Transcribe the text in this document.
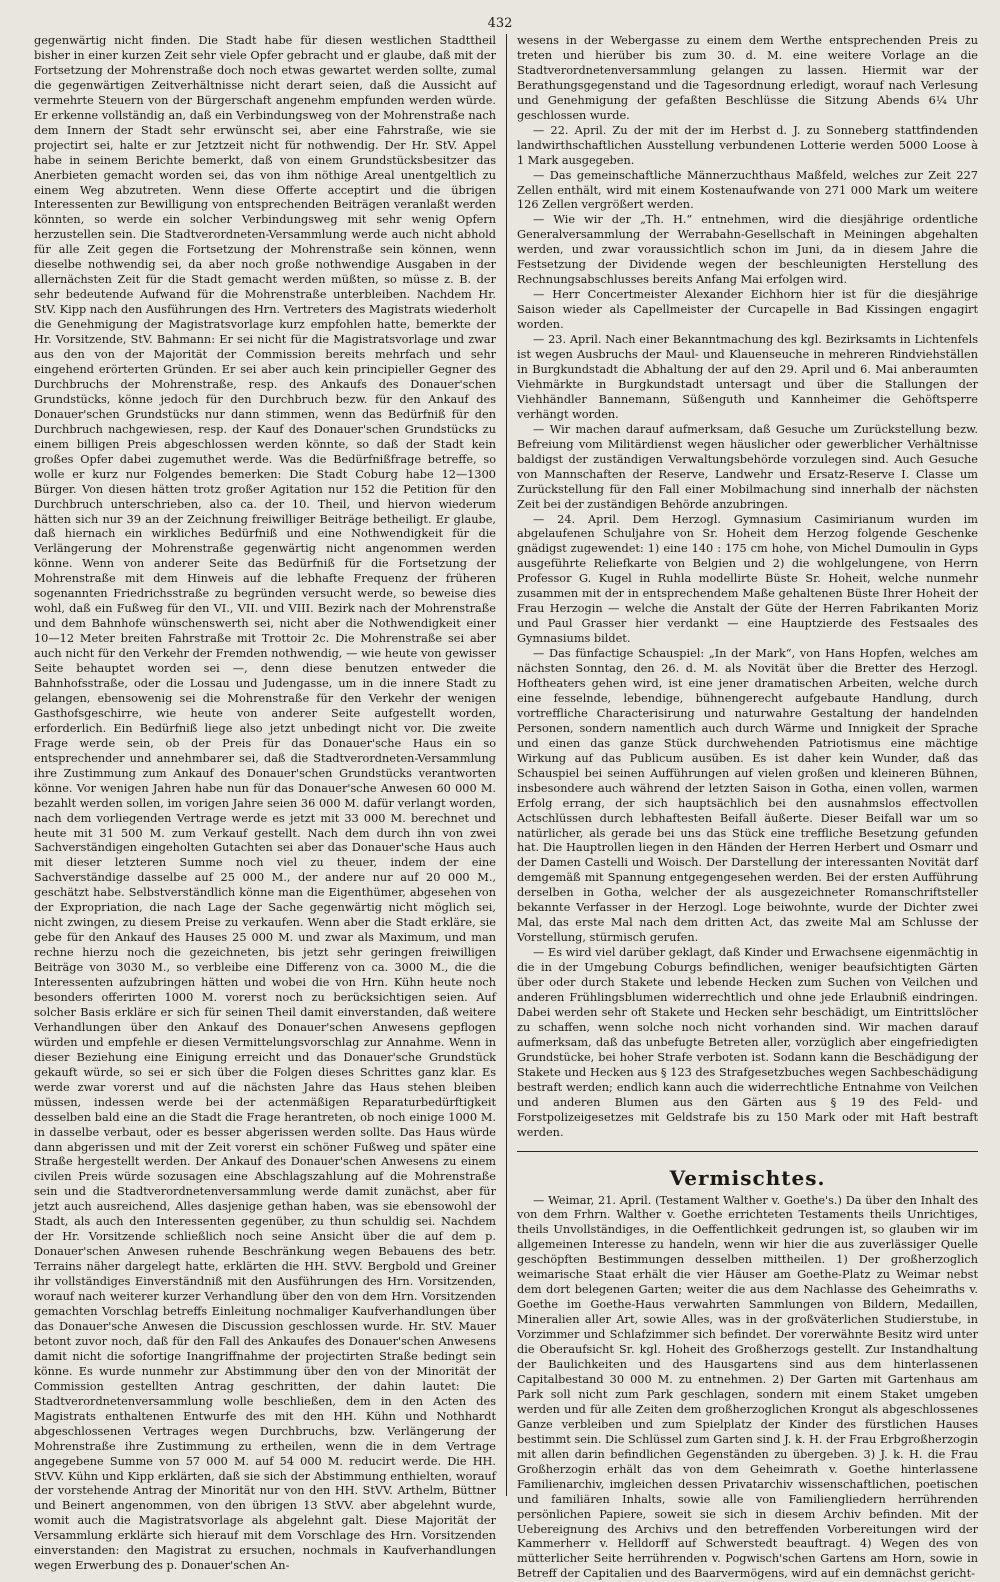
432

gegenwärtig nicht finden. Die Stadt habe für diesen westlichen Stadttheil bisher in einer kurzen Zeit sehr viele Opfer gebracht und er glaube, daß mit der Fortsetzung der Mohrenstraße doch noch etwas gewartet werden sollte, zumal die gegenwärtigen Zeitverhältnisse nicht derart seien, daß die Aussicht auf vermehrte Steuern von der Bürgerschaft angenehm empfunden werden würde. Er erkenne vollständig an, daß ein Verbindungsweg von der Mohrenstraße nach dem Innern der Stadt sehr erwünscht sei, aber eine Fahrstraße, wie sie projectirt sei, halte er zur Jetztzeit nicht für nothwendig. Der Hr. StV. Appel habe in seinem Berichte bemerkt, daß von einem Grundstücksbesitzer das Anerbieten gemacht worden sei, das von ihm nöthige Areal unentgeltlich zu einem Weg abzutreten. Wenn diese Offerte acceptirt und die übrigen Interessenten zur Bewilligung von entsprechenden Beiträgen veranlaßt werden könnten, so werde ein solcher Verbindungsweg mit sehr wenig Opfern herzustellen sein. Die Stadtverordneten-Versammlung werde auch nicht abhold für alle Zeit gegen die Fortsetzung der Mohrenstraße sein können, wenn dieselbe nothwendig sei, da aber noch große nothwendige Ausgaben in der allernächsten Zeit für die Stadt gemacht werden müßten, so müsse z. B. der sehr bedeutende Aufwand für die Mohrenstraße unterbleiben. Nachdem Hr. StV. Kipp nach den Ausführungen des Hrn. Vertreters des Magistrats wiederholt die Genehmigung der Magistratsvorlage kurz empfohlen hatte, bemerkte der Hr. Vorsitzende, StV. Bahmann: Er sei nicht für die Magistratsvorlage und zwar aus den von der Majorität der Commission bereits mehrfach und sehr eingehend erörterten Gründen. Er sei aber auch kein principieller Gegner des Durchbruchs der Mohrenstraße, resp. des Ankaufs des Donauer'schen Grundstücks, könne jedoch für den Durchbruch bezw. für den Ankauf des Donauer'schen Grundstücks nur dann stimmen, wenn das Bedürfniß für den Durchbruch nachgewiesen, resp. der Kauf des Donauer'schen Grundstücks zu einem billigen Preis abgeschlossen werden könnte, so daß der Stadt kein großes Opfer dabei zugemuthet werde. Was die Bedürfnißfrage betreffe, so wolle er kurz nur Folgendes bemerken: Die Stadt Coburg habe 12—1300 Bürger. Von diesen hätten trotz großer Agitation nur 152 die Petition für den Durchbruch unterschrieben, also ca. der 10. Theil, und hiervon wiederum hätten sich nur 39 an der Zeichnung freiwilliger Beiträge betheiligt. Er glaube, daß hiernach ein wirkliches Bedürfniß und eine Nothwendigkeit für die Verlängerung der Mohrenstraße gegenwärtig nicht angenommen werden könne. Wenn von anderer Seite das Bedürfniß für die Fortsetzung der Mohrenstraße mit dem Hinweis auf die lebhafte Frequenz der früheren sogenannten Friedrichsstraße zu begründen versucht werde, so beweise dies wohl, daß ein Fußweg für den VI., VII. und VIII. Bezirk nach der Mohrenstraße und dem Bahnhofe wünschenswerth sei, nicht aber die Nothwendigkeit einer 10—12 Meter breiten Fahrstraße mit Trottoir 2c. Die Mohrenstraße sei aber auch nicht für den Verkehr der Fremden nothwendig, — wie heute von gewisser Seite behauptet worden sei —, denn diese benutzen entweder die Bahnhofsstraße, oder die Lossau und Judengasse, um in die innere Stadt zu gelangen, ebensowenig sei die Mohrenstraße für den Verkehr der wenigen Gasthofsgeschirre, wie heute von anderer Seite aufgestellt worden, erforderlich. Ein Bedürfniß liege also jetzt unbedingt nicht vor. Die zweite Frage werde sein, ob der Preis für das Donauer'sche Haus ein so entsprechender und annehmbarer sei, daß die Stadtverordneten-Versammlung ihre Zustimmung zum Ankauf des Donauer'schen Grundstücks verantworten könne. Vor wenigen Jahren habe nun für das Donauer'sche Anwesen 60 000 M. bezahlt werden sollen, im vorigen Jahre seien 36 000 M. dafür verlangt worden, nach dem vorliegenden Vertrage werde es jetzt mit 33 000 M. berechnet und heute mit 31 500 M. zum Verkauf gestellt. Nach dem durch ihn von zwei Sachverständigen eingeholten Gutachten sei aber das Donauer'sche Haus auch mit dieser letzteren Summe noch viel zu theuer, indem der eine Sachverständige dasselbe auf 25 000 M., der andere nur auf 20 000 M., geschätzt habe. Selbstverständlich könne man die Eigenthümer, abgesehen von der Expropriation, die nach Lage der Sache gegenwärtig nicht möglich sei, nicht zwingen, zu diesem Preise zu verkaufen. Wenn aber die Stadt erkläre, sie gebe für den Ankauf des Hauses 25 000 M. und zwar als Maximum, und man rechne hierzu noch die gezeichneten, bis jetzt sehr geringen freiwilligen Beiträge von 3030 M., so verbleibe eine Differenz von ca. 3000 M., die die Interessenten aufzubringen hätten und wobei die von Hrn. Kühn heute noch besonders offerirten 1000 M. vorerst noch zu berücksichtigen seien. Auf solcher Basis erkläre er sich für seinen Theil damit einverstanden, daß weitere Verhandlungen über den Ankauf des Donauer'schen Anwesens gepflogen würden und empfehle er diesen Vermittelungsvorschlag zur Annahme. Wenn in dieser Beziehung eine Einigung erreicht und das Donauer'sche Grundstück gekauft würde, so sei er sich über die Folgen dieses Schrittes ganz klar. Es werde zwar vorerst und auf die nächsten Jahre das Haus stehen bleiben müssen, indessen werde bei der actenmäßigen Reparaturbedürftigkeit desselben bald eine an die Stadt die Frage herantreten, ob noch einige 1000 M. in dasselbe verbaut, oder es besser abgerissen werden sollte. Das Haus würde dann abgerissen und mit der Zeit vorerst ein schöner Fußweg und später eine Straße hergestellt werden. Der Ankauf des Donauer'schen Anwesens zu einem civilen Preis würde sozusagen eine Abschlagszahlung auf die Mohrenstraße sein und die Stadtverordnetenversammlung werde damit zunächst, aber für jetzt auch ausreichend, Alles dasjenige gethan haben, was sie ebensowohl der Stadt, als auch den Interessenten gegenüber, zu thun schuldig sei. Nachdem der Hr. Vorsitzende schließlich noch seine Ansicht über die auf dem p. Donauer'schen Anwesen ruhende Beschränkung wegen Bebauens des betr. Terrains näher dargelegt hatte, erklärten die HH. StVV. Bergbold und Greiner ihr vollständiges Einverständniß mit den Ausführungen des Hrn. Vorsitzenden, worauf nach weiterer kurzer Verhandlung über den von dem Hrn. Vorsitzenden gemachten Vorschlag betreffs Einleitung nochmaliger Kaufverhandlungen über das Donauer'sche Anwesen die Discussion geschlossen wurde. Hr. StV. Mauer betont zuvor noch, daß für den Fall des Ankaufes des Donauer'schen Anwesens damit nicht die sofortige Inangriffnahme der projectirten Straße bedingt sein könne. Es wurde nunmehr zur Abstimmung über den von der Minorität der Commission gestellten Antrag geschritten, der dahin lautet: Die Stadtverordnetenversammlung wolle beschließen, dem in den Acten des Magistrats enthaltenen Entwurfe des mit den HH. Kühn und Nothhardt abgeschlossenen Vertrages wegen Durchbruchs, bzw. Verlängerung der Mohrenstraße ihre Zustimmung zu ertheilen, wenn die in dem Vertrage angegebene Summe von 57 000 M. auf 54 000 M. reducirt werde. Die HH. StVV. Kühn und Kipp erklärten, daß sie sich der Abstimmung enthielten, worauf der vorstehende Antrag der Minorität nur von den HH. StVV. Arthelm, Büttner und Beinert angenommen, von den übrigen 13 StVV. aber abgelehnt wurde, womit auch die Magistratsvorlage als abgelehnt galt. Diese Majorität der Versammlung erklärte sich hierauf mit dem Vorschlage des Hrn. Vorsitzenden einverstanden: den Magistrat zu ersuchen, nochmals in Kaufverhandlungen wegen Erwerbung des p. Donauer'schen An-

wesens in der Webergasse zu einem dem Werthe entsprechenden Preis zu treten und hierüber bis zum 30. d. M. eine weitere Vorlage an die Stadtverordnetenversammlung gelangen zu lassen. Hiermit war der Berathungsgegenstand und die Tagesordnung erledigt, worauf nach Verlesung und Genehmigung der gefaßten Beschlüsse die Sitzung Abends 6¼ Uhr geschlossen wurde.

— 22. April. Zu der mit der im Herbst d. J. zu Sonneberg stattfindenden landwirthschaftlichen Ausstellung verbundenen Lotterie werden 5000 Loose à 1 Mark ausgegeben.

— Das gemeinschaftliche Männerzuchthaus Maßfeld, welches zur Zeit 227 Zellen enthält, wird mit einem Kostenaufwande von 271 000 Mark um weitere 126 Zellen vergrößert werden.

— Wie wir der „Th. H.“ entnehmen, wird die diesjährige ordentliche Generalversammlung der Werrabahn-Gesellschaft in Meiningen abgehalten werden, und zwar voraussichtlich schon im Juni, da in diesem Jahre die Festsetzung der Dividende wegen der beschleunigten Herstellung des Rechnungsabschlusses bereits Anfang Mai erfolgen wird.

— Herr Concertmeister Alexander Eichhorn hier ist für die diesjährige Saison wieder als Capellmeister der Curcapelle in Bad Kissingen engagirt worden.

— 23. April. Nach einer Bekanntmachung des kgl. Bezirksamts in Lichtenfels ist wegen Ausbruchs der Maul- und Klauenseuche in mehreren Rindviehställen in Burgkundstadt die Abhaltung der auf den 29. April und 6. Mai anberaumten Viehmärkte in Burgkundstadt untersagt und über die Stallungen der Viehhändler Bannemann, Süßenguth und Kannheimer die Gehöftsperre verhängt worden.

— Wir machen darauf aufmerksam, daß Gesuche um Zurückstellung bezw. Befreiung vom Militärdienst wegen häuslicher oder gewerblicher Verhältnisse baldigst der zuständigen Verwaltungsbehörde vorzulegen sind. Auch Gesuche von Mannschaften der Reserve, Landwehr und Ersatz-Reserve I. Classe um Zurückstellung für den Fall einer Mobilmachung sind innerhalb der nächsten Zeit bei der zuständigen Behörde anzubringen.

— 24. April. Dem Herzogl. Gymnasium Casimirianum wurden im abgelaufenen Schuljahre von Sr. Hoheit dem Herzog folgende Geschenke gnädigst zugewendet: 1) eine 140 : 175 cm hohe, von Michel Dumoulin in Gyps ausgeführte Reliefkarte von Belgien und 2) die wohlgelungene, von Herrn Professor G. Kugel in Ruhla modellirte Büste Sr. Hoheit, welche nunmehr zusammen mit der in entsprechendem Maße gehaltenen Büste Ihrer Hoheit der Frau Herzogin — welche die Anstalt der Güte der Herren Fabrikanten Moriz und Paul Grasser hier verdankt — eine Hauptzierde des Festsaales des Gymnasiums bildet.

— Das fünfactige Schauspiel: „In der Mark“, von Hans Hopfen, welches am nächsten Sonntag, den 26. d. M. als Novität über die Bretter des Herzogl. Hoftheaters gehen wird, ist eine jener dramatischen Arbeiten, welche durch eine fesselnde, lebendige, bühnengerecht aufgebaute Handlung, durch vortreffliche Characterisirung und naturwahre Gestaltung der handelnden Personen, sondern namentlich auch durch Wärme und Innigkeit der Sprache und einen das ganze Stück durchwehenden Patriotismus eine mächtige Wirkung auf das Publicum ausüben. Es ist daher kein Wunder, daß das Schauspiel bei seinen Aufführungen auf vielen großen und kleineren Bühnen, insbesondere auch während der letzten Saison in Gotha, einen vollen, warmen Erfolg errang, der sich hauptsächlich bei den ausnahmslos effectvollen Actschlüssen durch lebhaftesten Beifall äußerte. Dieser Beifall war um so natürlicher, als gerade bei uns das Stück eine treffliche Besetzung gefunden hat. Die Hauptrollen liegen in den Händen der Herren Herbert und Osmarr und der Damen Castelli und Woisch. Der Darstellung der interessanten Novität darf demgemäß mit Spannung entgegengesehen werden. Bei der ersten Aufführung derselben in Gotha, welcher der als ausgezeichneter Romanschriftsteller bekannte Verfasser in der Herzogl. Loge beiwohnte, wurde der Dichter zwei Mal, das erste Mal nach dem dritten Act, das zweite Mal am Schlusse der Vorstellung, stürmisch gerufen.

— Es wird viel darüber geklagt, daß Kinder und Erwachsene eigenmächtig in die in der Umgebung Coburgs befindlichen, weniger beaufsichtigten Gärten über oder durch Stakete und lebende Hecken zum Suchen von Veilchen und anderen Frühlingsblumen widerrechtlich und ohne jede Erlaubniß eindringen. Dabei werden sehr oft Stakete und Hecken sehr beschädigt, um Eintrittslöcher zu schaffen, wenn solche noch nicht vorhanden sind. Wir machen darauf aufmerksam, daß das unbefugte Betreten aller, vorzüglich aber eingefriedigten Grundstücke, bei hoher Strafe verboten ist. Sodann kann die Beschädigung der Stakete und Hecken aus § 123 des Strafgesetzbuches wegen Sachbeschädigung bestraft werden; endlich kann auch die widerrechtliche Entnahme von Veilchen und anderen Blumen aus den Gärten aus § 19 des Feld- und Forstpolizeigesetzes mit Geldstrafe bis zu 150 Mark oder mit Haft bestraft werden.

Vermischtes.

— Weimar, 21. April. (Testament Walther v. Goethe's.) Da über den Inhalt des von dem Frhrn. Walther v. Goethe errichteten Testaments theils Unrichtiges, theils Unvollständiges, in die Oeffentlichkeit gedrungen ist, so glauben wir im allgemeinen Interesse zu handeln, wenn wir hier die aus zuverlässiger Quelle geschöpften Bestimmungen desselben mittheilen. 1) Der großherzoglich weimarische Staat erhält die vier Häuser am Goethe-Platz zu Weimar nebst dem dort belegenen Garten; weiter die aus dem Nachlasse des Geheimraths v. Goethe im Goethe-Haus verwahrten Sammlungen von Bildern, Medaillen, Mineralien aller Art, sowie Alles, was in der großväterlichen Studierstube, in Vorzimmer und Schlafzimmer sich befindet. Der vorerwähnte Besitz wird unter die Oberaufsicht Sr. kgl. Hoheit des Großherzogs gestellt. Zur Instandhaltung der Baulichkeiten und des Hausgartens sind aus dem hinterlassenen Capitalbestand 30 000 M. zu entnehmen. 2) Der Garten mit Gartenhaus am Park soll nicht zum Park geschlagen, sondern mit einem Staket umgeben werden und für alle Zeiten dem großherzoglichen Krongut als abgeschlossenes Ganze verbleiben und zum Spielplatz der Kinder des fürstlichen Hauses bestimmt sein. Die Schlüssel zum Garten sind J. k. H. der Frau Erbgroßherzogin mit allen darin befindlichen Gegenständen zu übergeben. 3) J. k. H. die Frau Großherzogin erhält das von dem Geheimrath v. Goethe hinterlassene Familienarchiv, imgleichen dessen Privatarchiv wissenschaftlichen, poetischen und familiären Inhalts, sowie alle von Familiengliedern herrührenden persönlichen Papiere, soweit sie sich in diesem Archiv befinden. Mit der Uebereignung des Archivs und den betreffenden Vorbereitungen wird der Kammerherr v. Helldorff auf Schwerstedt beauftragt. 4) Wegen des von mütterlicher Seite herrührenden v. Pogwisch'schen Gartens am Horn, sowie in Betreff der Capitalien und des Baarvermögens, wird auf ein demnächst gericht-
